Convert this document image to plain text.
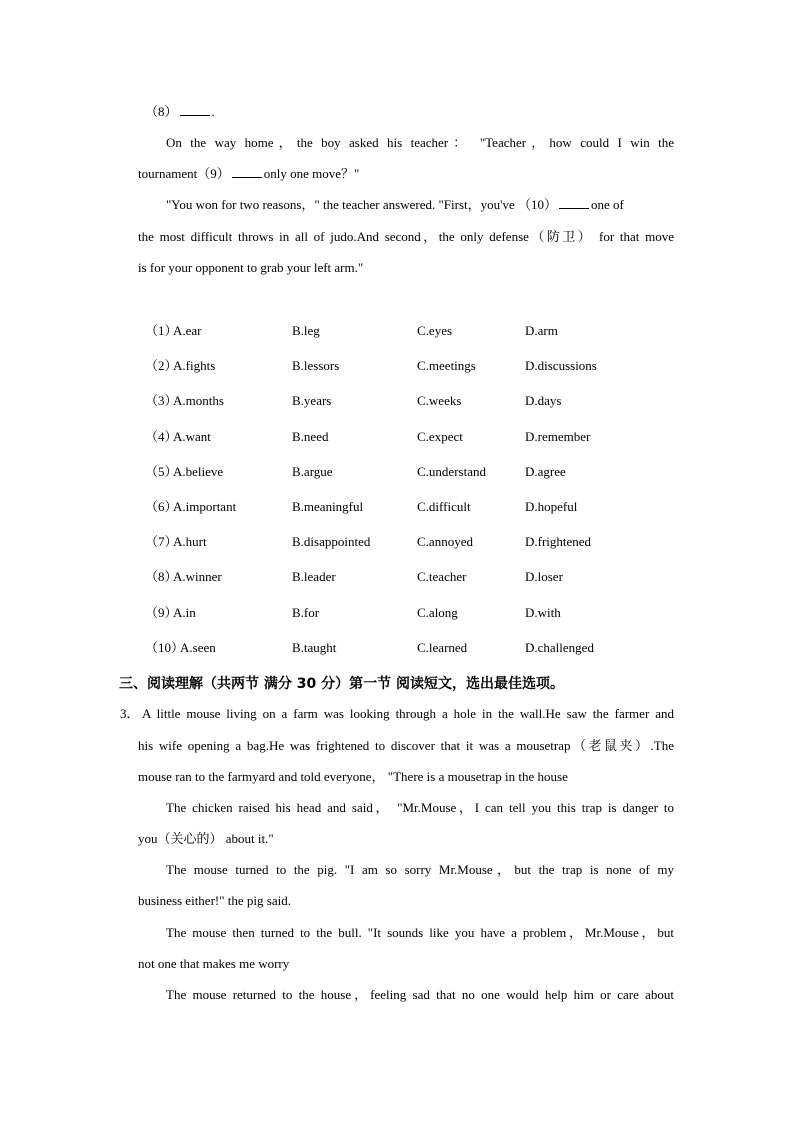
（8）	.
On the way home，the boy asked his teacher： "Teacher，how could I win the
tournament（9）	only one move？"
"You won for two reasons，" the teacher answered. "First，you've （10）	one of
the most difficult throws in all of judo.And second，the only defense（防卫） for that move
is for your opponent to grab your left arm."
（1）
A.ear	B.leg	C.eyes	D.arm
（2）
A.fights	B.lessors	C.meetings	D.discussions
（3）
A.months	B.years	C.weeks	D.days
（4）
A.want	B.need	C.expect	D.remember
（5）
A.believe	B.argue	C.understand	D.agree
（6）
A.important	B.meaningful	C.difficult	D.hopeful
（7）
A.hurt	B.disappointed	C.annoyed	D.frightened
（8）
A.winner	B.leader	C.teacher	D.loser
（9）
A.in	B.for	C.along	D.with
（10）
A.seen	B.taught	C.learned	D.challenged
三、阅读理解（共两节 满分 30 分）第一节 阅读短文，选出最佳选项。
3． A little mouse living on a farm was looking through a hole in the wall.He saw the farmer and
his wife opening a bag.He was frightened to discover that it was a mousetrap（老鼠夹）.The
mouse ran to the farmyard and told everyone， "There is a mousetrap in the house
The chicken raised his head and said， "Mr.Mouse，I can tell you this trap is danger to
you（关心的） about it."
The mouse turned to the pig. "I am so sorry Mr.Mouse，but the trap is none of my
business either!" the pig said.
The mouse then turned to the bull. "It sounds like you have a problem，Mr.Mouse，but
not one that makes me worry
The mouse returned to the house，feeling sad that no one would help him or care about
